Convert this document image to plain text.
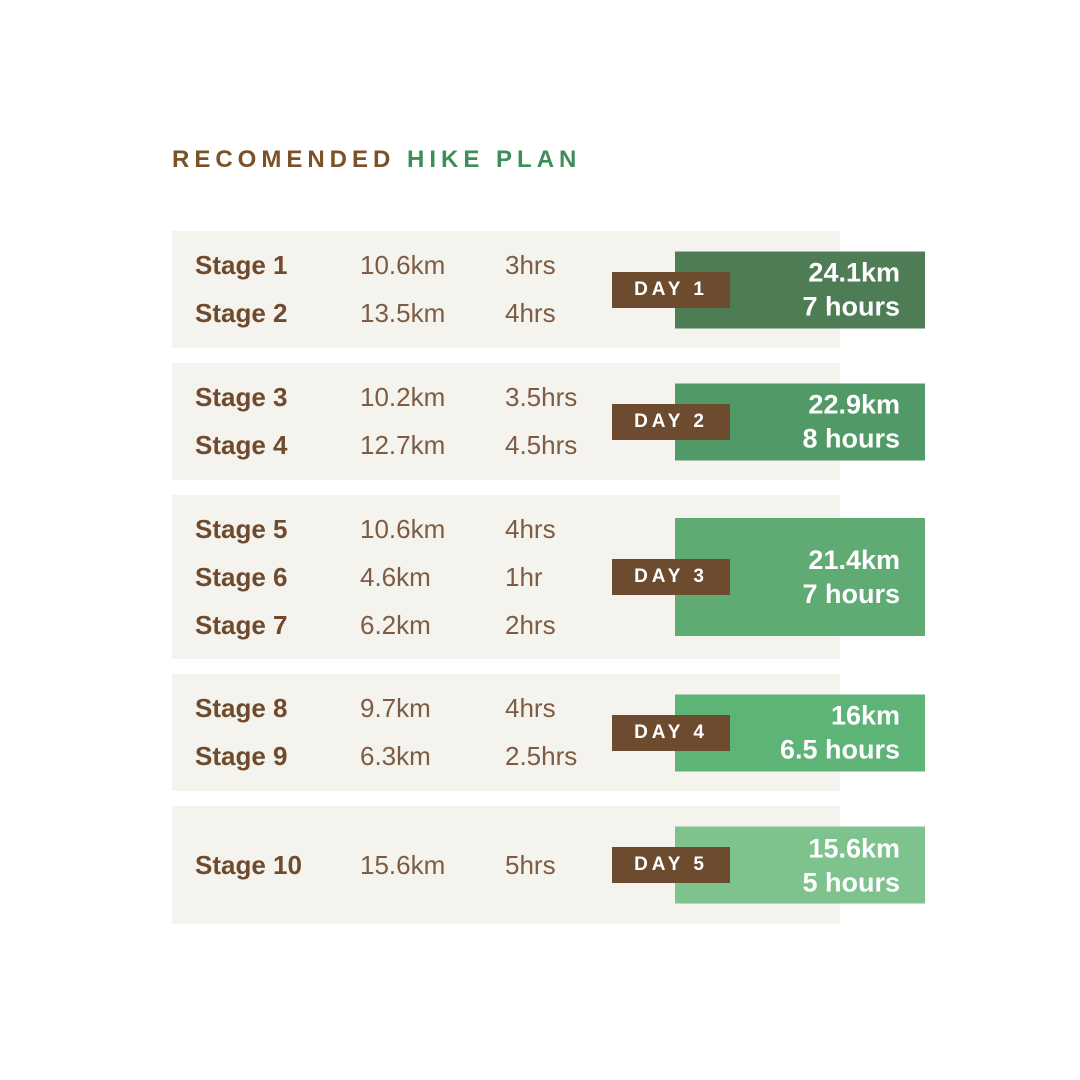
RECOMENDED HIKE PLAN
Stage 1	10.6km	3hrs
Stage 2	13.5km	4hrs
24.1km
7 hours
DAY 1
Stage 3	10.2km	3.5hrs
Stage 4	12.7km	4.5hrs
22.9km
8 hours
DAY 2
Stage 5	10.6km	4hrs
Stage 6	4.6km	1hr
Stage 7	6.2km	2hrs
21.4km
7 hours
DAY 3
Stage 8	9.7km	4hrs
Stage 9	6.3km	2.5hrs
16km
6.5 hours
DAY 4
Stage 10	15.6km	5hrs
15.6km
5 hours
DAY 5
